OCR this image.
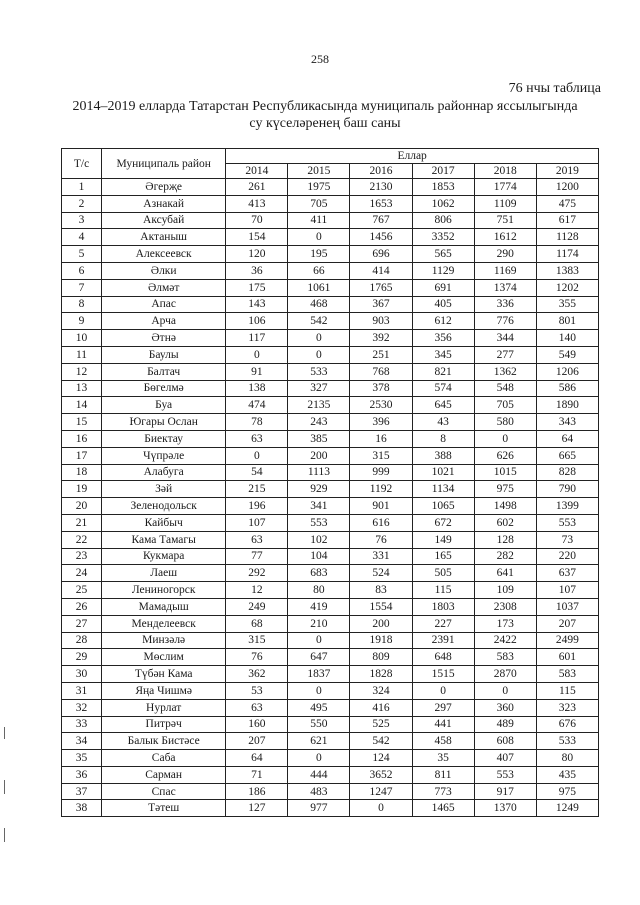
258
76 нчы таблица
2014–2019 елларда Татарстан Республикасында муниципаль районнар яссылыгында
су күселәренең баш саны
Т/с	Муниципаль район	Еллар					
		2014	2015	2016	2017	2018	2019
1	Әгерҗе	261	1975	2130	1853	1774	1200
2	Азнакай	413	705	1653	1062	1109	475
3	Аксубай	70	411	767	806	751	617
4	Актаныш	154	0	1456	3352	1612	1128
5	Алексеевск	120	195	696	565	290	1174
6	Әлки	36	66	414	1129	1169	1383
7	Әлмәт	175	1061	1765	691	1374	1202
8	Апас	143	468	367	405	336	355
9	Арча	106	542	903	612	776	801
10	Әтнә	117	0	392	356	344	140
11	Баулы	0	0	251	345	277	549
12	Балтач	91	533	768	821	1362	1206
13	Бөгелмә	138	327	378	574	548	586
14	Буа	474	2135	2530	645	705	1890
15	Югары Ослан	78	243	396	43	580	343
16	Биектау	63	385	16	8	0	64
17	Чүпрәле	0	200	315	388	626	665
18	Алабуга	54	1113	999	1021	1015	828
19	Зәй	215	929	1192	1134	975	790
20	Зеленодольск	196	341	901	1065	1498	1399
21	Кайбыч	107	553	616	672	602	553
22	Кама Тамагы	63	102	76	149	128	73
23	Кукмара	77	104	331	165	282	220
24	Лаеш	292	683	524	505	641	637
25	Лениногорск	12	80	83	115	109	107
26	Мамадыш	249	419	1554	1803	2308	1037
27	Менделеевск	68	210	200	227	173	207
28	Минзәлә	315	0	1918	2391	2422	2499
29	Мөслим	76	647	809	648	583	601
30	Түбән Кама	362	1837	1828	1515	2870	583
31	Яңа Чишмә	53	0	324	0	0	115
32	Нурлат	63	495	416	297	360	323
33	Питрәч	160	550	525	441	489	676
34	Балык Бистәсе	207	621	542	458	608	533
35	Саба	64	0	124	35	407	80
36	Сарман	71	444	3652	811	553	435
37	Спас	186	483	1247	773	917	975
38	Тәтеш	127	977	0	1465	1370	1249
